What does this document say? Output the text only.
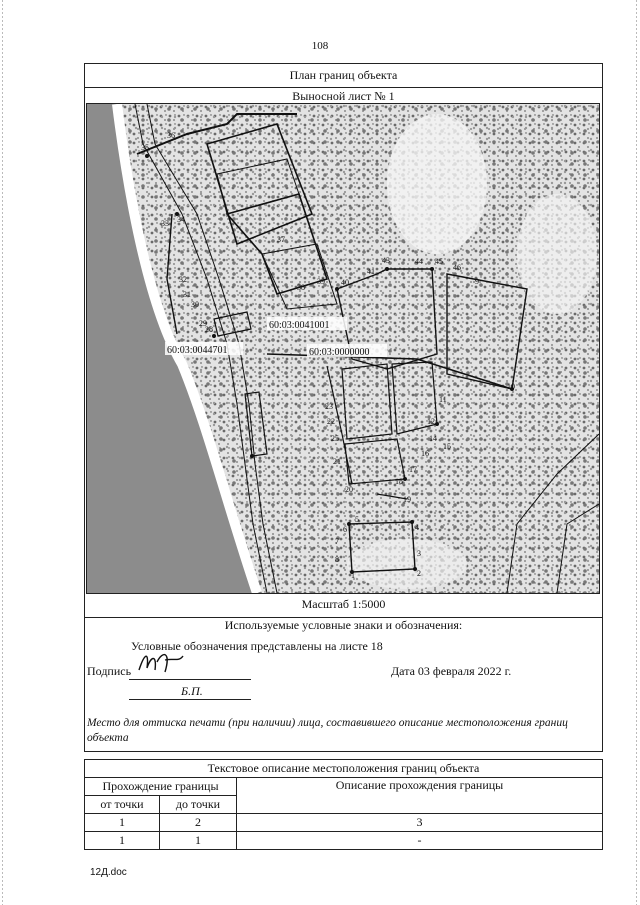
108
План границ объекта
Выносной лист № 1
Масштаб 1:5000
Используемые условные знаки и обозначения:
Условные обозначения представлены на листе 18
Подпись
Б.П.
Дата 03 февраля 2022 г.
Место для оттиска печати (при наличии) лица, составившего описание местоположения границ объекта
60:03:0041001
60:03:0044701	60:03:0000000
28
29
30
31
32
33 34
35
36
37
38
39 40
41
43	44 45
46
9
10
11
12
14
15
16
17
18
19
20
21
22
23
25
7
8
1	2
3
4
5
6
Текстовое описание местоположения границ объекта		
Прохождение границы		Описание прохождения границы
от точки	до точки	
1	2	3
1	1	-
12Д.doc
